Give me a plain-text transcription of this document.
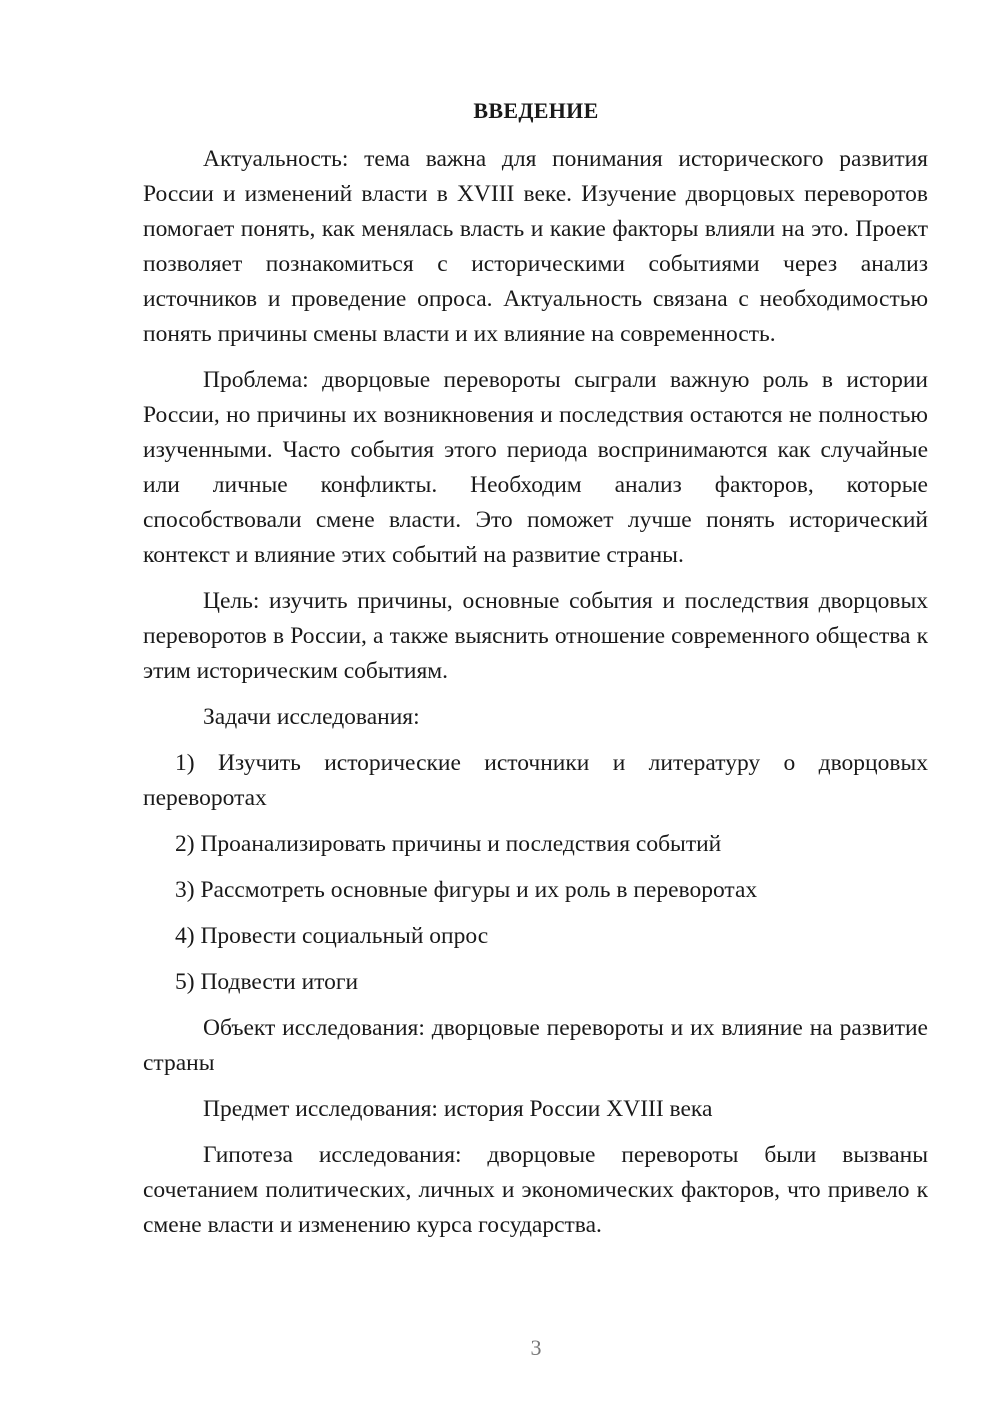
ВВЕДЕНИЕ

Актуальность: тема важна для понимания исторического развития России и изменений власти в XVIII веке. Изучение дворцовых переворотов помогает понять, как менялась власть и какие факторы влияли на это. Проект позволяет познакомиться с историческими событиями через анализ источников и проведение опроса. Актуальность связана с необходимостью понять причины смены власти и их влияние на современность.

Проблема: дворцовые перевороты сыграли важную роль в истории России, но причины их возникновения и последствия остаются не полностью изученными. Часто события этого периода воспринимаются как случайные или личные конфликты. Необходим анализ факторов, которые способствовали смене власти. Это поможет лучше понять исторический контекст и влияние этих событий на развитие страны.

Цель: изучить причины, основные события и последствия дворцовых переворотов в России, а также выяснить отношение современного общества к этим историческим событиям.

Задачи исследования:

1) Изучить исторические источники и литературу о дворцовых переворотах

2) Проанализировать причины и последствия событий

3) Рассмотреть основные фигуры и их роль в переворотах

4) Провести социальный опрос

5) Подвести итоги

Объект исследования: дворцовые перевороты и их влияние на развитие страны

Предмет исследования: история России XVIII века

Гипотеза исследования: дворцовые перевороты были вызваны сочетанием политических, личных и экономических факторов, что привело к смене власти и изменению курса государства.

3
